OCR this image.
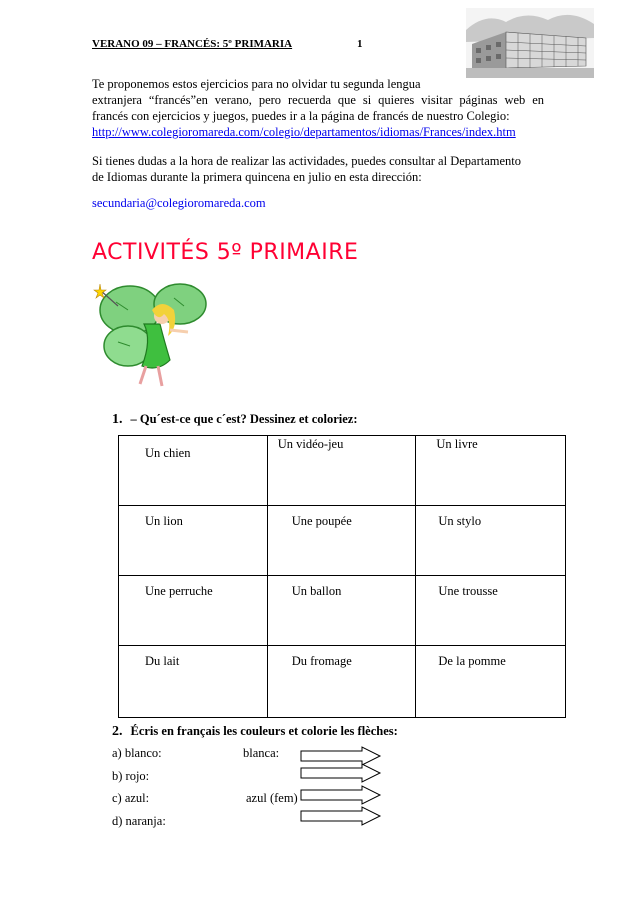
VERANO 09 – FRANCÉS: 5º PRIMARIA	1
Te proponemos estos ejercicios para no olvidar tu segunda lengua
extranjera “francés”en verano, pero recuerda que si quieres visitar páginas web en
francés con ejercicios y juegos, puedes ir a la página de francés de nuestro Colegio:
http://www.colegioromareda.com/colegio/departamentos/idiomas/Frances/index.htm
Si tienes dudas a la hora de realizar las actividades, puedes consultar al Departamento
de Idiomas durante la primera quincena en julio en esta dirección:
secundaria@colegioromareda.com
ACTIVITÉS 5º PRIMAIRE
1. – Qu´est-ce que c´est? Dessinez et coloriez:
Un chien	Un vidéo-jeu	Un livre

Un lion	Une poupée	Un stylo

Une perruche	Un ballon	Une trousse

Du lait	Du fromage	De la pomme
2. Écris en français les couleurs et colorie les flèches:
a) blanco:	blanca:
b) rojo:
c) azul:	azul (fem)
d) naranja:
